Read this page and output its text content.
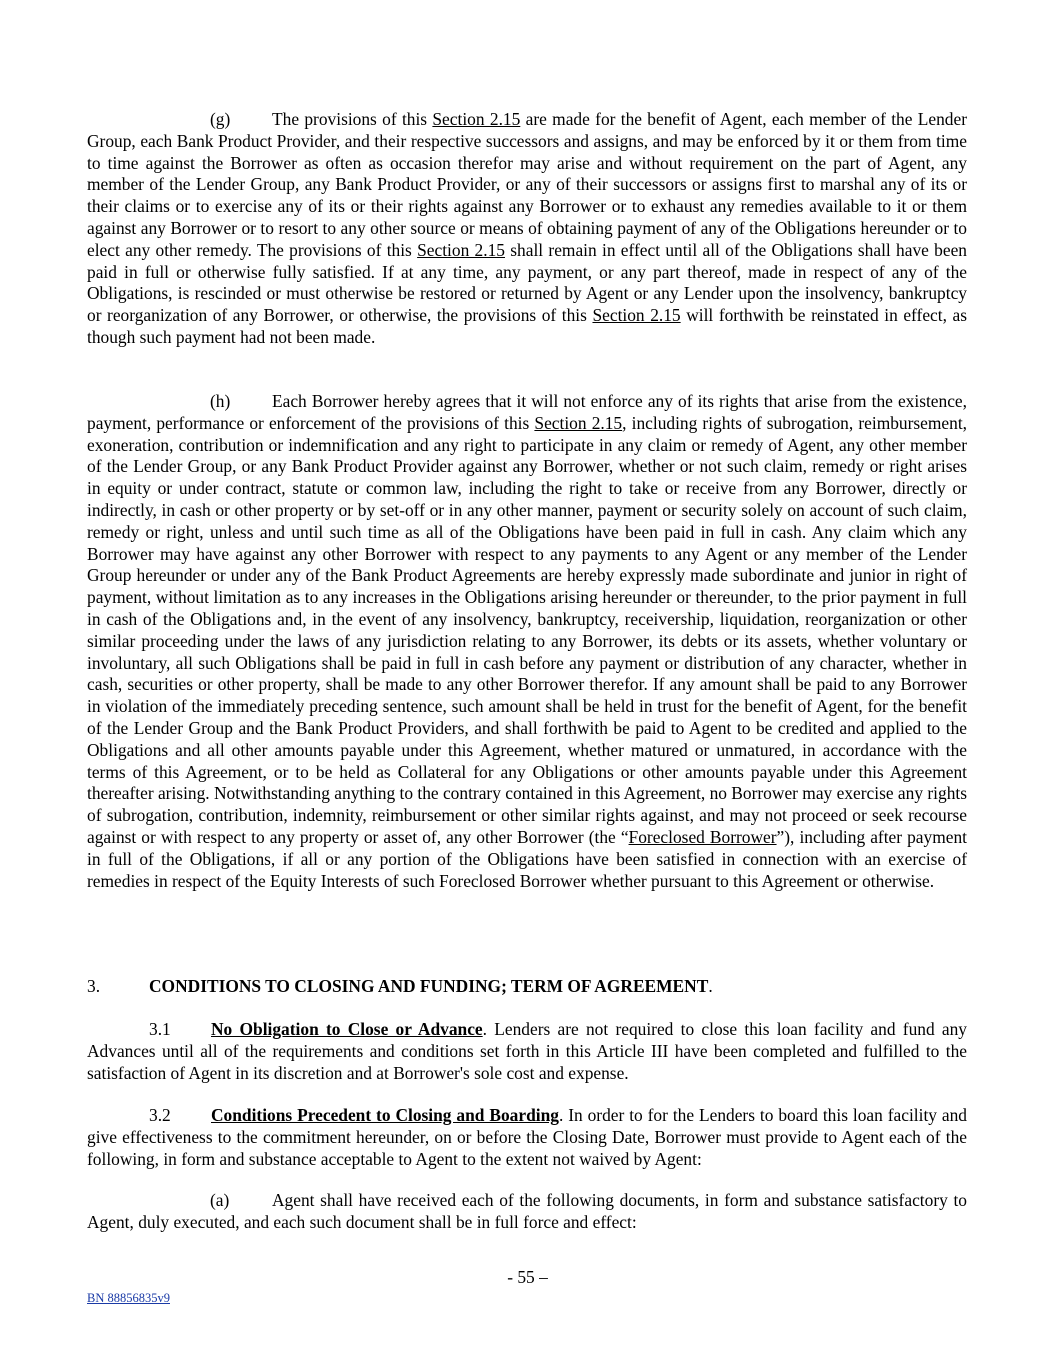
(g) The provisions of this Section 2.15 are made for the benefit of Agent, each member of the Lender Group, each Bank Product Provider, and their respective successors and assigns, and may be enforced by it or them from time to time against the Borrower as often as occasion therefor may arise and without requirement on the part of Agent, any member of the Lender Group, any Bank Product Provider, or any of their successors or assigns first to marshal any of its or their claims or to exercise any of its or their rights against any Borrower or to exhaust any remedies available to it or them against any Borrower or to resort to any other source or means of obtaining payment of any of the Obligations hereunder or to elect any other remedy. The provisions of this Section 2.15 shall remain in effect until all of the Obligations shall have been paid in full or otherwise fully satisfied. If at any time, any payment, or any part thereof, made in respect of any of the Obligations, is rescinded or must otherwise be restored or returned by Agent or any Lender upon the insolvency, bankruptcy or reorganization of any Borrower, or otherwise, the provisions of this Section 2.15 will forthwith be reinstated in effect, as though such payment had not been made.

(h) Each Borrower hereby agrees that it will not enforce any of its rights that arise from the existence, payment, performance or enforcement of the provisions of this Section 2.15, including rights of subrogation, reimbursement, exoneration, contribution or indemnification and any right to participate in any claim or remedy of Agent, any other member of the Lender Group, or any Bank Product Provider against any Borrower, whether or not such claim, remedy or right arises in equity or under contract, statute or common law, including the right to take or receive from any Borrower, directly or indirectly, in cash or other property or by set-off or in any other manner, payment or security solely on account of such claim, remedy or right, unless and until such time as all of the Obligations have been paid in full in cash. Any claim which any Borrower may have against any other Borrower with respect to any payments to any Agent or any member of the Lender Group hereunder or under any of the Bank Product Agreements are hereby expressly made subordinate and junior in right of payment, without limitation as to any increases in the Obligations arising hereunder or thereunder, to the prior payment in full in cash of the Obligations and, in the event of any insolvency, bankruptcy, receivership, liquidation, reorganization or other similar proceeding under the laws of any jurisdiction relating to any Borrower, its debts or its assets, whether voluntary or involuntary, all such Obligations shall be paid in full in cash before any payment or distribution of any character, whether in cash, securities or other property, shall be made to any other Borrower therefor. If any amount shall be paid to any Borrower in violation of the immediately preceding sentence, such amount shall be held in trust for the benefit of Agent, for the benefit of the Lender Group and the Bank Product Providers, and shall forthwith be paid to Agent to be credited and applied to the Obligations and all other amounts payable under this Agreement, whether matured or unmatured, in accordance with the terms of this Agreement, or to be held as Collateral for any Obligations or other amounts payable under this Agreement thereafter arising. Notwithstanding anything to the contrary contained in this Agreement, no Borrower may exercise any rights of subrogation, contribution, indemnity, reimbursement or other similar rights against, and may not proceed or seek recourse against or with respect to any property or asset of, any other Borrower (the “Foreclosed Borrower”), including after payment in full of the Obligations, if all or any portion of the Obligations have been satisfied in connection with an exercise of remedies in respect of the Equity Interests of such Foreclosed Borrower whether pursuant to this Agreement or otherwise.

3.	CONDITIONS TO CLOSING AND FUNDING; TERM OF AGREEMENT.

3.1 No Obligation to Close or Advance. Lenders are not required to close this loan facility and fund any Advances until all of the requirements and conditions set forth in this Article III have been completed and fulfilled to the satisfaction of Agent in its discretion and at Borrower's sole cost and expense.

3.2 Conditions Precedent to Closing and Boarding. In order to for the Lenders to board this loan facility and give effectiveness to the commitment hereunder, on or before the Closing Date, Borrower must provide to Agent each of the following, in form and substance acceptable to Agent to the extent not waived by Agent:

(a) Agent shall have received each of the following documents, in form and substance satisfactory to Agent, duly executed, and each such document shall be in full force and effect:

- 55 –
BN 88856835v9
